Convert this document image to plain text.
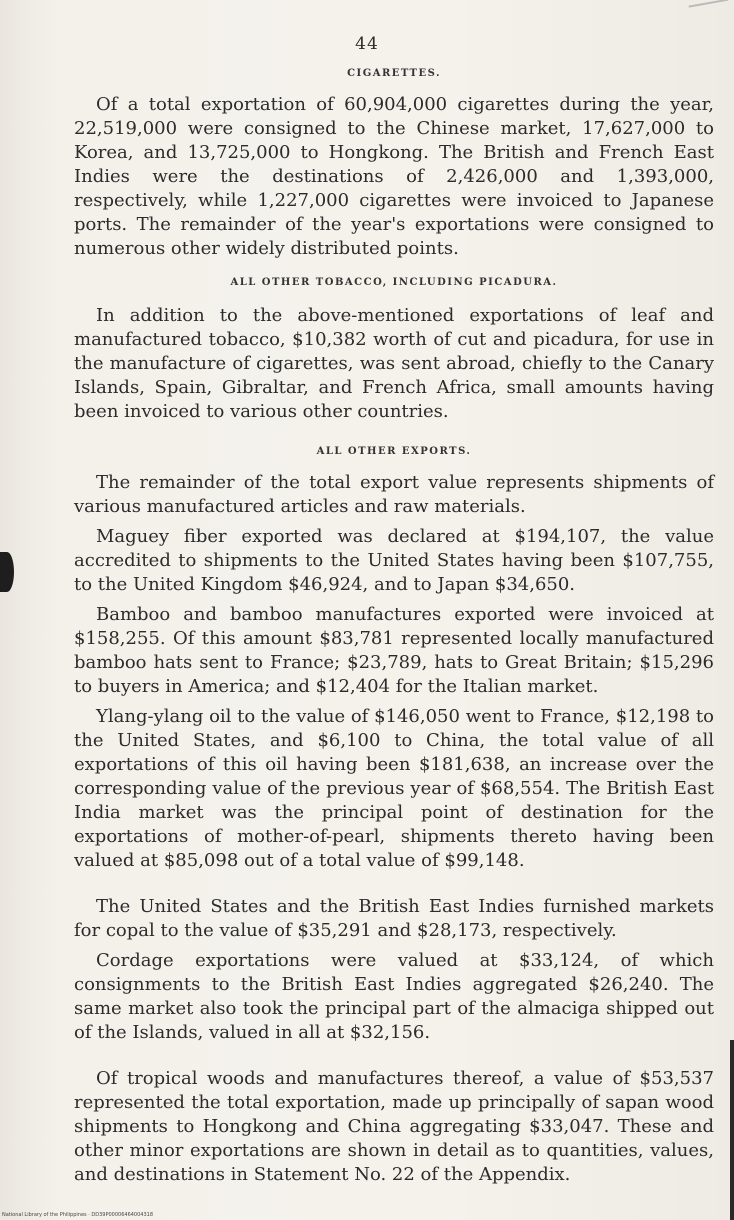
44
CIGARETTES.

Of a total exportation of 60,904,000 cigarettes during the year, 22,519,000 were consigned to the Chinese market, 17,627,000 to Korea, and 13,725,000 to Hongkong. The British and French East Indies were the destinations of 2,426,000 and 1,393,000, respectively, while 1,227,000 cigarettes were invoiced to Japanese ports. The remainder of the year's exportations were consigned to numerous other widely distributed points.

ALL OTHER TOBACCO, INCLUDING PICADURA.

In addition to the above-mentioned exportations of leaf and manufactured tobacco, $10,382 worth of cut and picadura, for use in the manufacture of cigarettes, was sent abroad, chiefly to the Canary Islands, Spain, Gibraltar, and French Africa, small amounts having been invoiced to various other countries.

ALL OTHER EXPORTS.

The remainder of the total export value represents shipments of various manufactured articles and raw materials.

Maguey fiber exported was declared at $194,107, the value accredited to shipments to the United States having been $107,755, to the United Kingdom $46,924, and to Japan $34,650.

Bamboo and bamboo manufactures exported were invoiced at $158,255. Of this amount $83,781 represented locally manufactured bamboo hats sent to France; $23,789, hats to Great Britain; $15,296 to buyers in America; and $12,404 for the Italian market.

Ylang-ylang oil to the value of $146,050 went to France, $12,198 to the United States, and $6,100 to China, the total value of all exportations of this oil having been $181,638, an increase over the corresponding value of the previous year of $68,554. The British East India market was the principal point of destination for the exportations of mother-of-pearl, shipments thereto having been valued at $85,098 out of a total value of $99,148.

The United States and the British East Indies furnished markets for copal to the value of $35,291 and $28,173, respectively.

Cordage exportations were valued at $33,124, of which consignments to the British East Indies aggregated $26,240. The same market also took the principal part of the almaciga shipped out of the Islands, valued in all at $32,156.

Of tropical woods and manufactures thereof, a value of $53,537 represented the total exportation, made up principally of sapan wood shipments to Hongkong and China aggregating $33,047. These and other minor exportations are shown in detail as to quantities, values, and destinations in Statement No. 22 of the Appendix.

National Library of the Philippines · DD39P00006464004318
